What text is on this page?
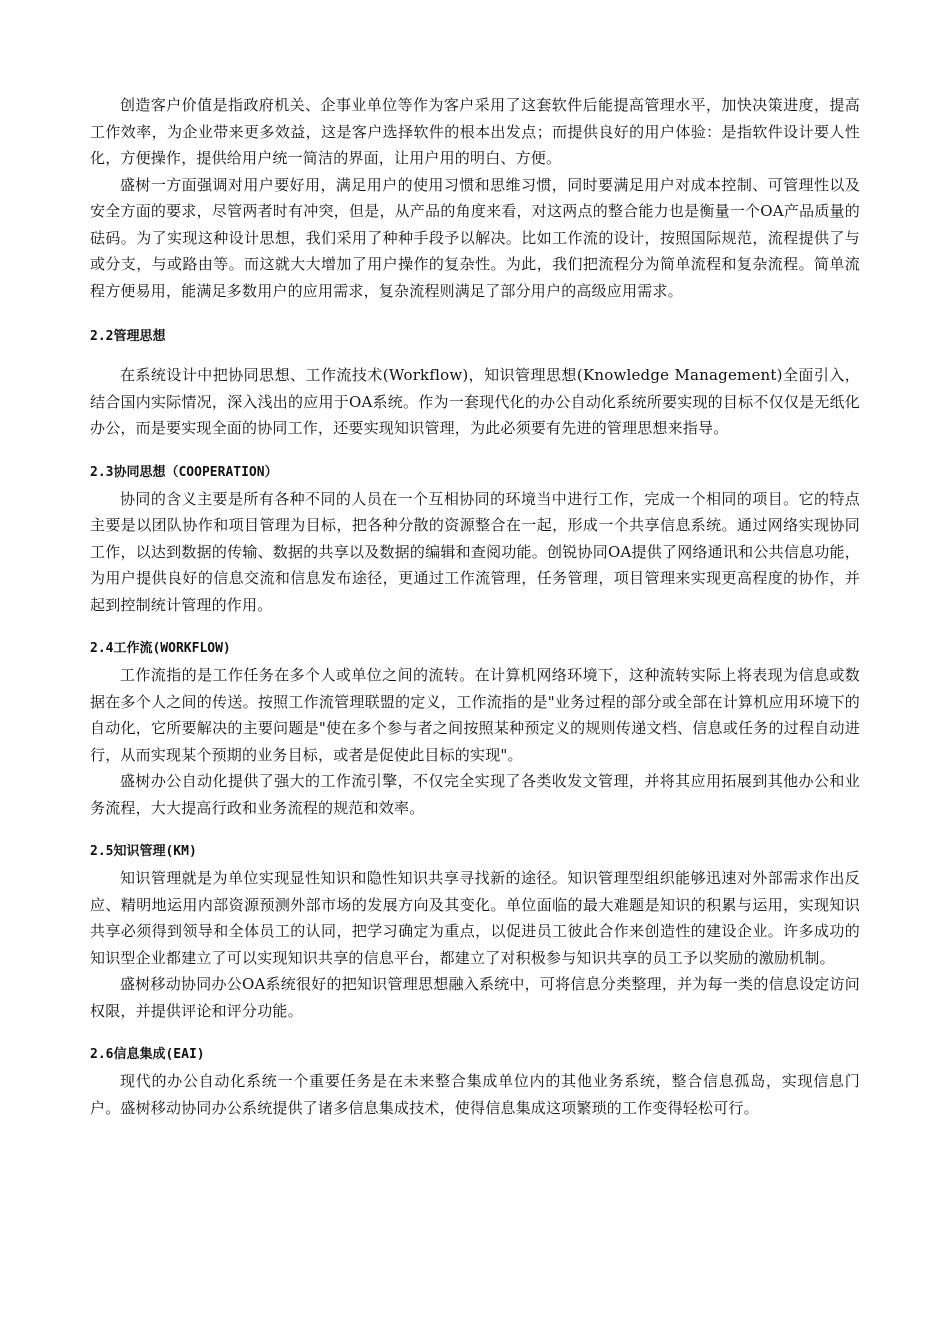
创造客户价值是指政府机关、企事业单位等作为客户采用了这套软件后能提高管理水平，加快决策进度，提高工作效率，为企业带来更多效益，这是客户选择软件的根本出发点；而提供良好的用户体验：是指软件设计要人性化，方便操作，提供给用户统一简洁的界面，让用户用的明白、方便。

盛树一方面强调对用户要好用，满足用户的使用习惯和思维习惯，同时要满足用户对成本控制、可管理性以及安全方面的要求，尽管两者时有冲突，但是，从产品的角度来看，对这两点的整合能力也是衡量一个OA产品质量的砝码。为了实现这种设计思想，我们采用了种种手段予以解决。比如工作流的设计，按照国际规范，流程提供了与或分支，与或路由等。而这就大大增加了用户操作的复杂性。为此，我们把流程分为简单流程和复杂流程。简单流程方便易用，能满足多数用户的应用需求，复杂流程则满足了部分用户的高级应用需求。

2.2管理思想

在系统设计中把协同思想、工作流技术(Workflow)，知识管理思想(Knowledge Management)全面引入，结合国内实际情况，深入浅出的应用于OA系统。作为一套现代化的办公自动化系统所要实现的目标不仅仅是无纸化办公，而是要实现全面的协同工作，还要实现知识管理，为此必须要有先进的管理思想来指导。

2.3协同思想（COOPERATION）

协同的含义主要是所有各种不同的人员在一个互相协同的环境当中进行工作，完成一个相同的项目。它的特点主要是以团队协作和项目管理为目标，把各种分散的资源整合在一起，形成一个共享信息系统。通过网络实现协同工作，以达到数据的传输、数据的共享以及数据的编辑和查阅功能。创锐协同OA提供了网络通讯和公共信息功能，为用户提供良好的信息交流和信息发布途径，更通过工作流管理，任务管理，项目管理来实现更高程度的协作，并起到控制统计管理的作用。

2.4工作流(WORKFLOW)

工作流指的是工作任务在多个人或单位之间的流转。在计算机网络环境下，这种流转实际上将表现为信息或数据在多个人之间的传送。按照工作流管理联盟的定义，工作流指的是"业务过程的部分或全部在计算机应用环境下的自动化，它所要解决的主要问题是"使在多个参与者之间按照某种预定义的规则传递文档、信息或任务的过程自动进行，从而实现某个预期的业务目标，或者是促使此目标的实现"。

盛树办公自动化提供了强大的工作流引擎，不仅完全实现了各类收发文管理，并将其应用拓展到其他办公和业务流程，大大提高行政和业务流程的规范和效率。

2.5知识管理(KM)

知识管理就是为单位实现显性知识和隐性知识共享寻找新的途径。知识管理型组织能够迅速对外部需求作出反应、精明地运用内部资源预测外部市场的发展方向及其变化。单位面临的最大难题是知识的积累与运用，实现知识共享必须得到领导和全体员工的认同，把学习确定为重点，以促进员工彼此合作来创造性的建设企业。许多成功的知识型企业都建立了可以实现知识共享的信息平台，都建立了对积极参与知识共享的员工予以奖励的激励机制。

盛树移动协同办公OA系统很好的把知识管理思想融入系统中，可将信息分类整理，并为每一类的信息设定访问权限，并提供评论和评分功能。

2.6信息集成(EAI)

现代的办公自动化系统一个重要任务是在未来整合集成单位内的其他业务系统，整合信息孤岛，实现信息门户。盛树移动协同办公系统提供了诸多信息集成技术，使得信息集成这项繁琐的工作变得轻松可行。
